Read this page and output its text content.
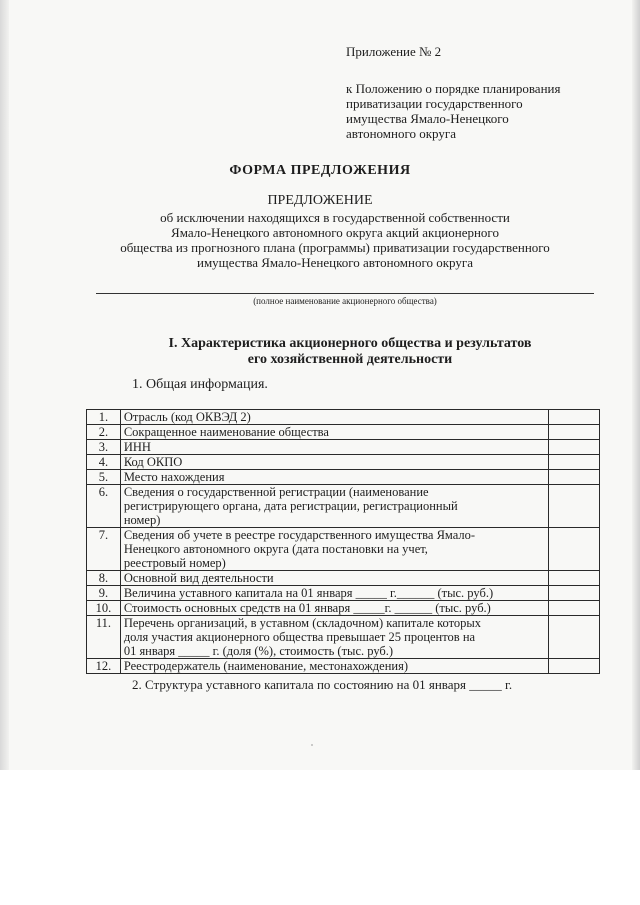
Приложение № 2
к Положению о порядке планирования
приватизации государственного
имущества Ямало-Ненецкого
автономного округа
ФОРМА ПРЕДЛОЖЕНИЯ
ПРЕДЛОЖЕНИЕ
об исключении находящихся в государственной собственности
Ямало-Ненецкого автономного округа акций акционерного
общества из прогнозного плана (программы) приватизации государственного
имущества Ямало-Ненецкого автономного округа
(полное наименование акционерного общества)
I. Характеристика акционерного общества и результатов
его хозяйственной деятельности
1. Общая информация.
1.	Отрасль (код ОКВЭД 2)	

2.	Сокращенное наименование общества	

3.	ИНН	

4.	Код ОКПО	

5.	Место нахождения	

6.	Сведения о государственной регистрации (наименование
регистрирующего органа, дата регистрации, регистрационный
номер)	

7.	Сведения об учете в реестре государственного имущества Ямало-
Ненецкого автономного округа (дата постановки на учет,
реестровый номер)	

8.	Основной вид деятельности	

9.	Величина уставного капитала на 01 января _____ г.______ (тыс. руб.)	

10.	Стоимость основных средств на 01 января _____г. ______ (тыс. руб.)	

11.	Перечень организаций, в уставном (складочном) капитале которых
доля участия акционерного общества превышает 25 процентов на
01 января _____ г. (доля (%), стоимость (тыс. руб.)	

12.	Реестродержатель (наименование, местонахождения)	

2. Структура уставного капитала по состоянию на 01 января _____ г.
